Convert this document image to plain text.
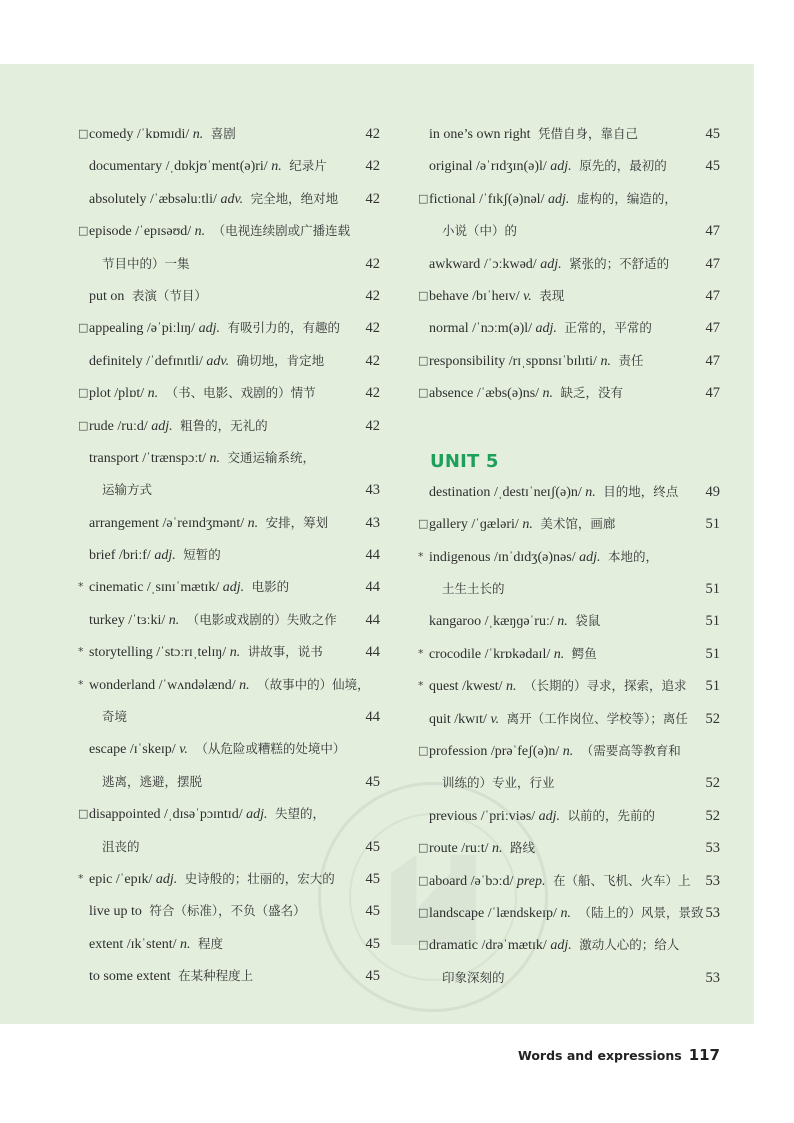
□ comedy /ˈkɒmɪdi/ n. 喜剧	42
documentary /ˌdɒkjʊˈment(ə)ri/ n. 纪录片	42
absolutely /ˈæbsəluːtli/ adv. 完全地，绝对地 42
□ episode /ˈepɪsəʊd/ n. （电视连续剧或广播连载
节目中的）一集	42
put on 表演（节目）	42
□ appealing /əˈpiːlɪŋ/ adj. 有吸引力的，有趣的 42
definitely /ˈdefɪnɪtli/ adv. 确切地，肯定地	42
□ plot /plɒt/ n. （书、电影、戏剧的）情节	42
□ rude /ruːd/ adj. 粗鲁的，无礼的	42
transport /ˈtrænspɔːt/ n. 交通运输系统，
运输方式	43
arrangement /əˈreɪndʒmənt/ n. 安排，筹划	43
brief /briːf/ adj. 短暂的	44
* cinematic /ˌsɪnɪˈmætɪk/ adj. 电影的	44
turkey /ˈtɜːki/ n. （电影或戏剧的）失败之作 44
* storytelling /ˈstɔːrɪˌtelɪŋ/ n. 讲故事，说书	44
* wonderland /ˈwʌndəlænd/ n. （故事中的）仙境，
奇境	44
escape /ɪˈskeɪp/ v. （从危险或糟糕的处境中）
逃离，逃避，摆脱	45
□ disappointed /ˌdɪsəˈpɔɪntɪd/ adj. 失望的，
沮丧的	45
* epic /ˈepɪk/ adj. 史诗般的；壮丽的，宏大的 45
live up to 符合（标准），不负（盛名）	45
extent /ɪkˈstent/ n. 程度	45
to some extent 在某种程度上	45
in one’s own right 凭借自身，靠自己	45
original /əˈrɪdʒɪn(ə)l/ adj. 原先的，最初的	45
□ fictional /ˈfɪkʃ(ə)nəl/ adj. 虚构的，编造的，
小说（中）的	47
awkward /ˈɔːkwəd/ adj. 紧张的；不舒适的	47
□ behave /bɪˈheɪv/ v. 表现	47
normal /ˈnɔːm(ə)l/ adj. 正常的，平常的	47
□ responsibility /rɪˌspɒnsɪˈbɪlɪti/ n. 责任	47
□ absence /ˈæbs(ə)ns/ n. 缺乏，没有	47
UNIT 5
destination /ˌdestɪˈneɪʃ(ə)n/ n. 目的地，终点 49
□ gallery /ˈɡæləri/ n. 美术馆，画廊	51
* indigenous /ɪnˈdɪdʒ(ə)nəs/ adj. 本地的，
土生土长的	51
kangaroo /ˌkæŋɡəˈruː/ n. 袋鼠	51
* crocodile /ˈkrɒkədaɪl/ n. 鳄鱼	51
* quest /kwest/ n. （长期的）寻求，探索，追求 51
quit /kwɪt/ v. 离开（工作岗位、学校等）；离任 52
□ profession /prəˈfeʃ(ə)n/ n. （需要高等教育和
训练的）专业，行业	52
previous /ˈpriːviəs/ adj. 以前的，先前的	52
□ route /ruːt/ n. 路线	53
□ aboard /əˈbɔːd/ prep. 在（船、飞机、火车）上 53
□ landscape /ˈlændskeɪp/ n. （陆上的）风景，景致 53
□ dramatic /drəˈmætɪk/ adj. 激动人心的；给人
印象深刻的	53
Words and expressions 117
